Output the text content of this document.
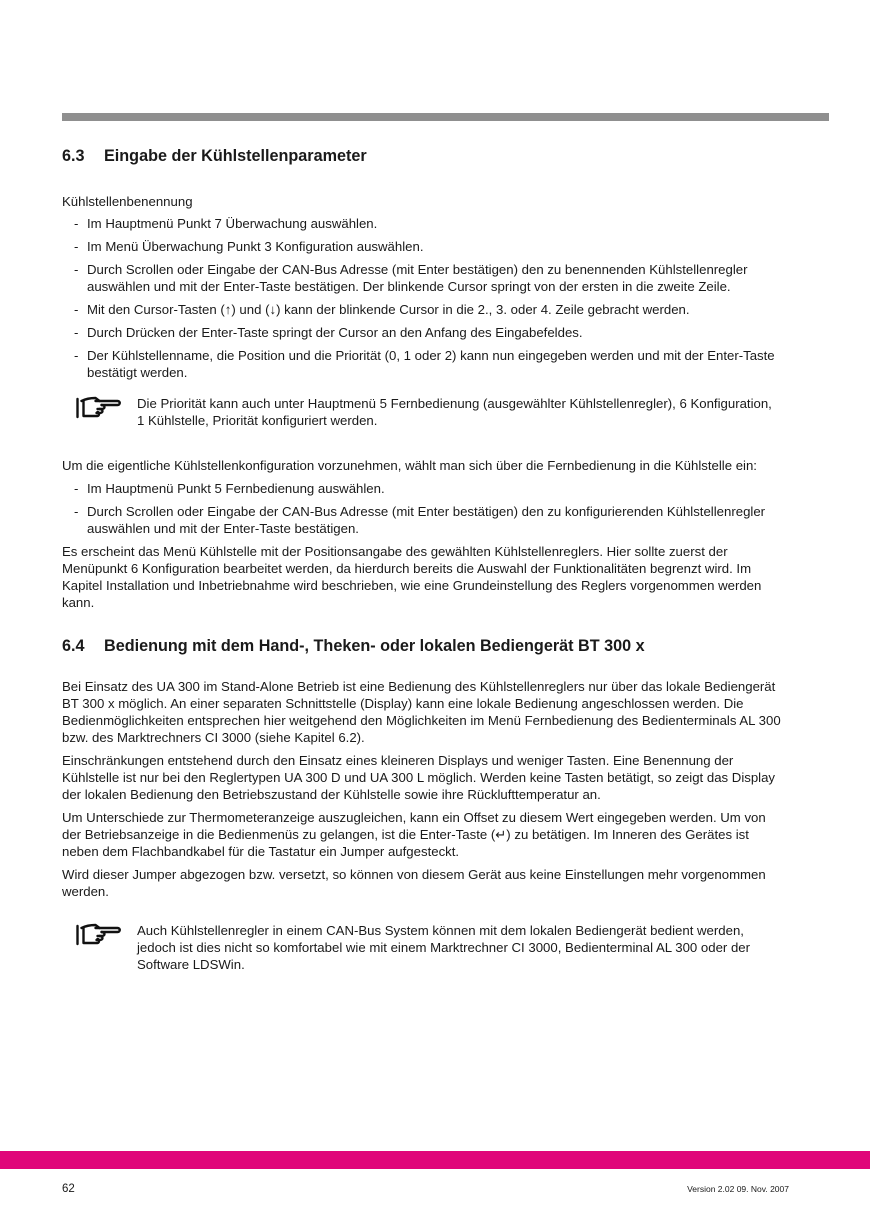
6.3 Eingabe der Kühlstellenparameter

Kühlstellenbenennung

- Im Hauptmenü Punkt 7 Überwachung auswählen.
- Im Menü Überwachung Punkt 3 Konfiguration auswählen.
- Durch Scrollen oder Eingabe der CAN-Bus Adresse (mit Enter bestätigen) den zu benennenden Kühlstellenregler auswählen und mit der Enter-Taste bestätigen. Der blinkende Cursor springt von der ersten in die zweite Zeile.
- Mit den Cursor-Tasten (↑) und (↓) kann der blinkende Cursor in die 2., 3. oder 4. Zeile gebracht werden.
- Durch Drücken der Enter-Taste springt der Cursor an den Anfang des Eingabefeldes.
- Der Kühlstellenname, die Position und die Priorität (0, 1 oder 2) kann nun eingegeben werden und mit der Enter-Taste bestätigt werden.
Die Priorität kann auch unter Hauptmenü 5 Fernbedienung (ausgewählter Kühlstellenregler), 6 Konfiguration, 1 Kühlstelle, Priorität konfiguriert werden.

Um die eigentliche Kühlstellenkonfiguration vorzunehmen, wählt man sich über die Fernbedienung in die Kühlstelle ein:

- Im Hauptmenü Punkt 5 Fernbedienung auswählen.
- Durch Scrollen oder Eingabe der CAN-Bus Adresse (mit Enter bestätigen) den zu konfigurierenden Kühlstellenregler auswählen und mit der Enter-Taste bestätigen.

Es erscheint das Menü Kühlstelle mit der Positionsangabe des gewählten Kühlstellenreglers. Hier sollte zuerst der Menüpunkt 6 Konfiguration bearbeitet werden, da hierdurch bereits die Auswahl der Funktionalitäten begrenzt wird. Im Kapitel Installation und Inbetriebnahme wird beschrieben, wie eine Grundeinstellung des Reglers vorgenommen werden kann.

6.4 Bedienung mit dem Hand-, Theken- oder lokalen Bediengerät BT 300 x

Bei Einsatz des UA 300 im Stand-Alone Betrieb ist eine Bedienung des Kühlstellenreglers nur über das lokale Bediengerät BT 300 x möglich. An einer separaten Schnittstelle (Display) kann eine lokale Bedienung angeschlossen werden. Die Bedienmöglichkeiten entsprechen hier weitgehend den Möglichkeiten im Menü Fernbedienung des Bedienterminals AL 300 bzw. des Marktrechners CI 3000 (siehe Kapitel 6.2).

Einschränkungen entstehend durch den Einsatz eines kleineren Displays und weniger Tasten. Eine Benennung der Kühlstelle ist nur bei den Reglertypen UA 300 D und UA 300 L möglich. Werden keine Tasten betätigt, so zeigt das Display der lokalen Bedienung den Betriebszustand der Kühlstelle sowie ihre Rücklufttemperatur an.

Um Unterschiede zur Thermometeranzeige auszugleichen, kann ein Offset zu diesem Wert eingegeben werden. Um von der Betriebsanzeige in die Bedienmenüs zu gelangen, ist die Enter-Taste (↵) zu betätigen. Im Inneren des Gerätes ist neben dem Flachbandkabel für die Tastatur ein Jumper aufgesteckt.

Wird dieser Jumper abgezogen bzw. versetzt, so können von diesem Gerät aus keine Einstellungen mehr vorgenommen werden.

Auch Kühlstellenregler in einem CAN-Bus System können mit dem lokalen Bediengerät bedient werden, jedoch ist dies nicht so komfortabel wie mit einem Marktrechner CI 3000, Bedienterminal AL 300 oder der Software LDSWin.
62	Version 2.02 09. Nov. 2007
